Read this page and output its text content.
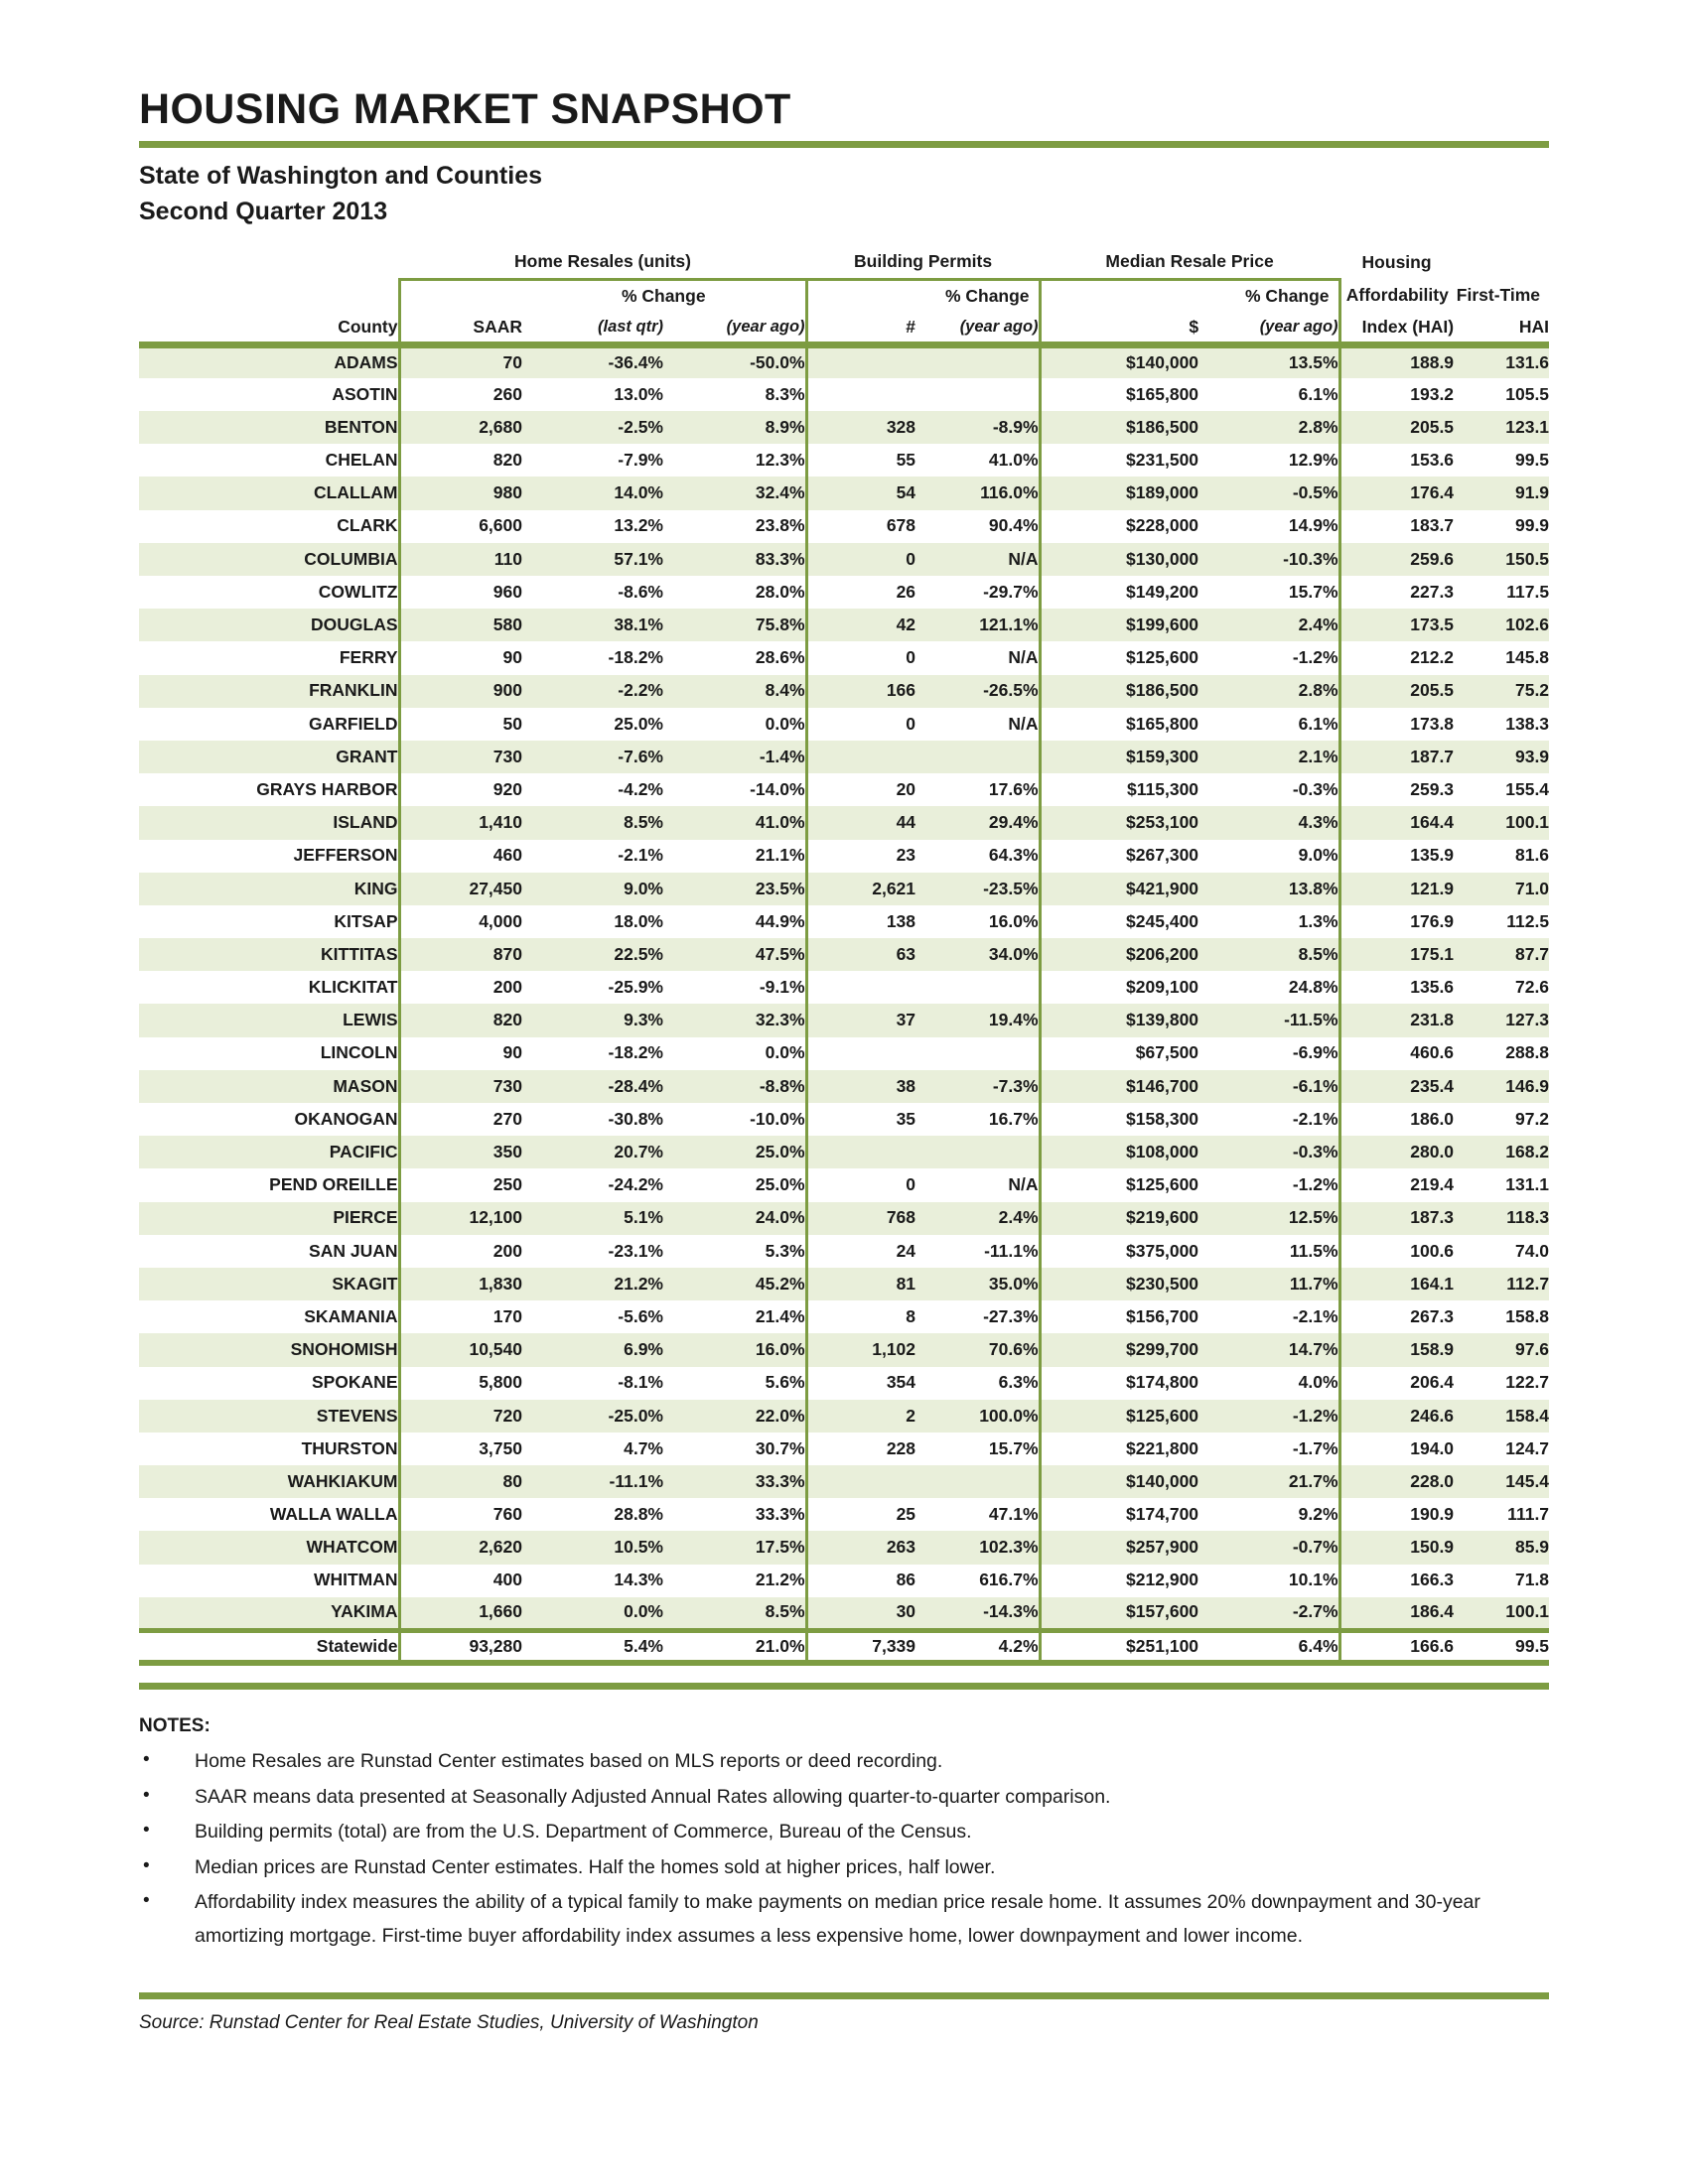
HOUSING MARKET SNAPSHOT
State of Washington and Counties
Second Quarter 2013
	Home Resales (units)			Building Permits		Median Resale Price		Housing	
		% Change			% Change		% Change	Affordability	First-Time
County	SAAR	(last qtr)	(year ago)	#	(year ago)	$	(year ago)	Index (HAI)	HAI
ADAMS	70	-36.4%	-50.0%			$140,000	13.5%	188.9	131.6
ASOTIN	260	13.0%	8.3%			$165,800	6.1%	193.2	105.5
BENTON	2,680	-2.5%	8.9%	328	-8.9%	$186,500	2.8%	205.5	123.1
CHELAN	820	-7.9%	12.3%	55	41.0%	$231,500	12.9%	153.6	99.5
CLALLAM	980	14.0%	32.4%	54	116.0%	$189,000	-0.5%	176.4	91.9
CLARK	6,600	13.2%	23.8%	678	90.4%	$228,000	14.9%	183.7	99.9
COLUMBIA	110	57.1%	83.3%	0	N/A	$130,000	-10.3%	259.6	150.5
COWLITZ	960	-8.6%	28.0%	26	-29.7%	$149,200	15.7%	227.3	117.5
DOUGLAS	580	38.1%	75.8%	42	121.1%	$199,600	2.4%	173.5	102.6
FERRY	90	-18.2%	28.6%	0	N/A	$125,600	-1.2%	212.2	145.8
FRANKLIN	900	-2.2%	8.4%	166	-26.5%	$186,500	2.8%	205.5	75.2
GARFIELD	50	25.0%	0.0%	0	N/A	$165,800	6.1%	173.8	138.3
GRANT	730	-7.6%	-1.4%			$159,300	2.1%	187.7	93.9
GRAYS HARBOR	920	-4.2%	-14.0%	20	17.6%	$115,300	-0.3%	259.3	155.4
ISLAND	1,410	8.5%	41.0%	44	29.4%	$253,100	4.3%	164.4	100.1
JEFFERSON	460	-2.1%	21.1%	23	64.3%	$267,300	9.0%	135.9	81.6
KING	27,450	9.0%	23.5%	2,621	-23.5%	$421,900	13.8%	121.9	71.0
KITSAP	4,000	18.0%	44.9%	138	16.0%	$245,400	1.3%	176.9	112.5
KITTITAS	870	22.5%	47.5%	63	34.0%	$206,200	8.5%	175.1	87.7
KLICKITAT	200	-25.9%	-9.1%			$209,100	24.8%	135.6	72.6
LEWIS	820	9.3%	32.3%	37	19.4%	$139,800	-11.5%	231.8	127.3
LINCOLN	90	-18.2%	0.0%			$67,500	-6.9%	460.6	288.8
MASON	730	-28.4%	-8.8%	38	-7.3%	$146,700	-6.1%	235.4	146.9
OKANOGAN	270	-30.8%	-10.0%	35	16.7%	$158,300	-2.1%	186.0	97.2
PACIFIC	350	20.7%	25.0%			$108,000	-0.3%	280.0	168.2
PEND OREILLE	250	-24.2%	25.0%	0	N/A	$125,600	-1.2%	219.4	131.1
PIERCE	12,100	5.1%	24.0%	768	2.4%	$219,600	12.5%	187.3	118.3
SAN JUAN	200	-23.1%	5.3%	24	-11.1%	$375,000	11.5%	100.6	74.0
SKAGIT	1,830	21.2%	45.2%	81	35.0%	$230,500	11.7%	164.1	112.7
SKAMANIA	170	-5.6%	21.4%	8	-27.3%	$156,700	-2.1%	267.3	158.8
SNOHOMISH	10,540	6.9%	16.0%	1,102	70.6%	$299,700	14.7%	158.9	97.6
SPOKANE	5,800	-8.1%	5.6%	354	6.3%	$174,800	4.0%	206.4	122.7
STEVENS	720	-25.0%	22.0%	2	100.0%	$125,600	-1.2%	246.6	158.4
THURSTON	3,750	4.7%	30.7%	228	15.7%	$221,800	-1.7%	194.0	124.7
WAHKIAKUM	80	-11.1%	33.3%			$140,000	21.7%	228.0	145.4
WALLA WALLA	760	28.8%	33.3%	25	47.1%	$174,700	9.2%	190.9	111.7
WHATCOM	2,620	10.5%	17.5%	263	102.3%	$257,900	-0.7%	150.9	85.9
WHITMAN	400	14.3%	21.2%	86	616.7%	$212,900	10.1%	166.3	71.8
YAKIMA	1,660	0.0%	8.5%	30	-14.3%	$157,600	-2.7%	186.4	100.1
Statewide	93,280	5.4%	21.0%	7,339	4.2%	$251,100	6.4%	166.6	99.5

NOTES:
• Home Resales are Runstad Center estimates based on MLS reports or deed recording.
• SAAR means data presented at Seasonally Adjusted Annual Rates allowing quarter-to-quarter comparison.
• Building permits (total) are from the U.S. Department of Commerce, Bureau of the Census.
• Median prices are Runstad Center estimates. Half the homes sold at higher prices, half lower.
• Affordability index measures the ability of a typical family to make payments on median price resale home. It assumes 20% downpayment and 30-year amortizing mortgage. First-time buyer affordability index assumes a less expensive home, lower downpayment and lower income.
Source: Runstad Center for Real Estate Studies, University of Washington
